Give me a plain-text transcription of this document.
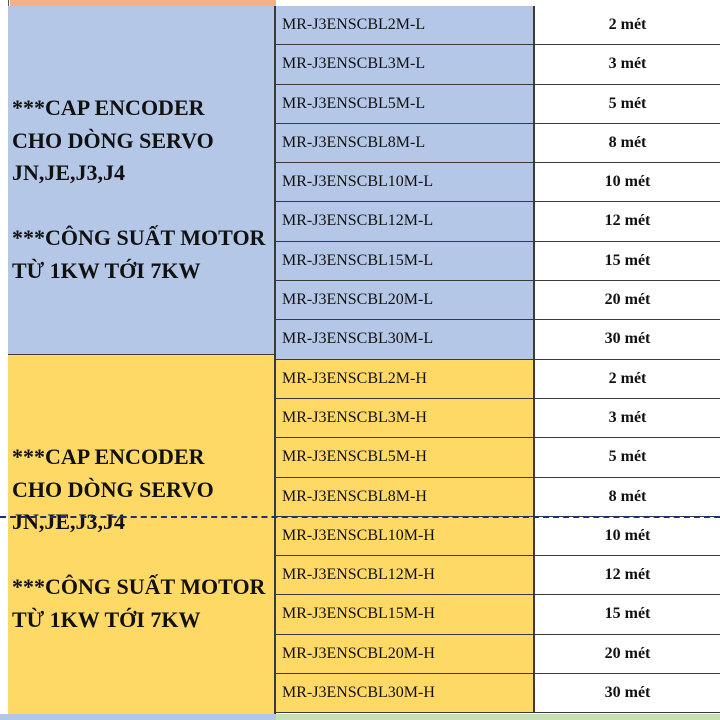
***CAP ENCODER
CHO DÒNG SERVO
JN,JE,J3,J4

***CÔNG SUẤT MOTOR
TỪ 1KW TỚI 7KW
***CAP ENCODER
CHO DÒNG SERVO
JN,JE,J3,J4

***CÔNG SUẤT MOTOR
TỪ 1KW TỚI 7KW
MR-J3ENSCBL2M-L	2 mét
MR-J3ENSCBL3M-L	3 mét
MR-J3ENSCBL5M-L	5 mét
MR-J3ENSCBL8M-L	8 mét
MR-J3ENSCBL10M-L	10 mét
MR-J3ENSCBL12M-L	12 mét
MR-J3ENSCBL15M-L	15 mét
MR-J3ENSCBL20M-L	20 mét
MR-J3ENSCBL30M-L	30 mét
MR-J3ENSCBL2M-H	2 mét
MR-J3ENSCBL3M-H	3 mét
MR-J3ENSCBL5M-H	5 mét
MR-J3ENSCBL8M-H	8 mét
MR-J3ENSCBL10M-H	10 mét
MR-J3ENSCBL12M-H	12 mét
MR-J3ENSCBL15M-H	15 mét
MR-J3ENSCBL20M-H	20 mét
MR-J3ENSCBL30M-H	30 mét
